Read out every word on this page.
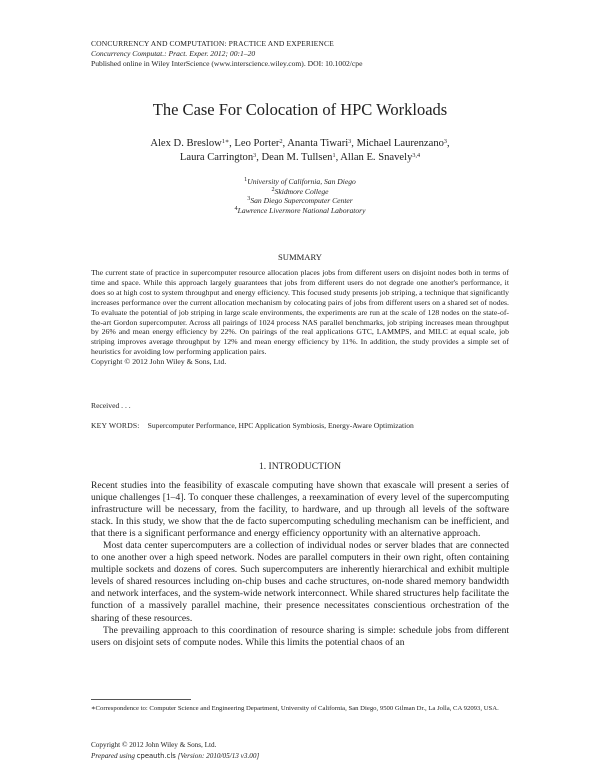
CONCURRENCY AND COMPUTATION: PRACTICE AND EXPERIENCE
Concurrency Computat.: Pract. Exper. 2012; 00:1–20
Published online in Wiley InterScience (www.interscience.wiley.com). DOI: 10.1002/cpe
The Case For Colocation of HPC Workloads
Alex D. Breslow$^{1∗}$, Leo Porter$^2$, Ananta Tiwari$^3$, Michael Laurenzano$^3$,
Laura Carrington$^3$, Dean M. Tullsen$^1$, Allan E. Snavely$^{3,4}$
$^1$University of California, San Diego
$^2$Skidmore College
$^3$San Diego Supercomputer Center
$^4$Lawrence Livermore National Laboratory
SUMMARY

The current state of practice in supercomputer resource allocation places jobs from different users on disjoint nodes both in terms of time and space. While this approach largely guarantees that jobs from different users do not degrade one another's performance, it does so at high cost to system throughput and energy efficiency. This focused study presents job striping, a technique that significantly increases performance over the current allocation mechanism by colocating pairs of jobs from different users on a shared set of nodes. To evaluate the potential of job striping in large scale environments, the experiments are run at the scale of 128 nodes on the state-of-the-art Gordon supercomputer. Across all pairings of 1024 process NAS parallel benchmarks, job striping increases mean throughput by 26% and mean energy efficiency by 22%. On pairings of the real applications GTC, LAMMPS, and MILC at equal scale, job striping improves average throughput by 12% and mean energy efficiency by 11%. In addition, the study provides a simple set of heuristics for avoiding low performing application pairs.

Copyright © 2012 John Wiley & Sons, Ltd.

Received . . .
KEY WORDS: Supercomputer Performance, HPC Application Symbiosis, Energy-Aware Optimization
1. INTRODUCTION

Recent studies into the feasibility of exascale computing have shown that exascale will present a series of unique challenges [1–4]. To conquer these challenges, a reexamination of every level of the supercomputing infrastructure will be necessary, from the facility, to hardware, and up through all levels of the software stack. In this study, we show that the de facto supercomputing scheduling mechanism can be inefficient, and that there is a significant performance and energy efficiency opportunity with an alternative approach.

Most data center supercomputers are a collection of individual nodes or server blades that are connected to one another over a high speed network. Nodes are parallel computers in their own right, often containing multiple sockets and dozens of cores. Such supercomputers are inherently hierarchical and exhibit multiple levels of shared resources including on-chip buses and cache structures, on-node shared memory bandwidth and network interfaces, and the system-wide network interconnect. While shared structures help facilitate the function of a massively parallel machine, their presence necessitates conscientious orchestration of the sharing of these resources.

The prevailing approach to this coordination of resource sharing is simple: schedule jobs from different users on disjoint sets of compute nodes. While this limits the potential chaos of an

∗Correspondence to: Computer Science and Engineering Department, University of California, San Diego, 9500 Gilman Dr., La Jolla, CA 92093, USA.
Copyright © 2012 John Wiley & Sons, Ltd.
Prepared using cpeauth.cls [Version: 2010/05/13 v3.00]
